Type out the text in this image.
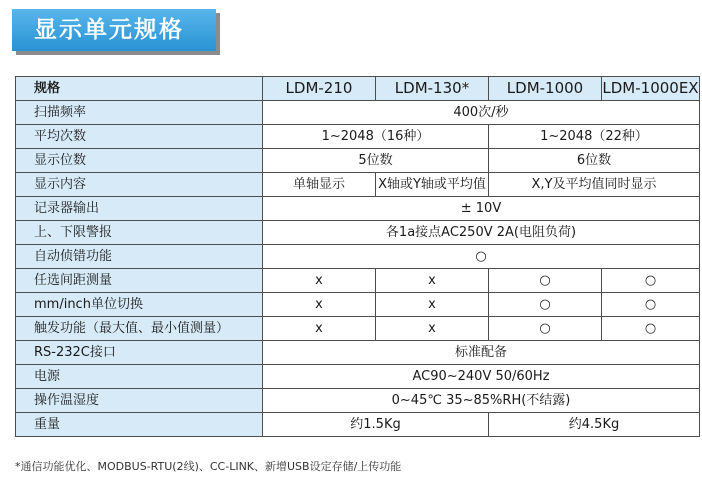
显示单元规格
规格	LDM-210	LDM-130*	LDM-1000	LDM-1000EX
扫描频率	400次/秒			
平均次数	1~2048（16种）		1~2048（22种）	
显示位数	5位数		6位数	
显示内容	单轴显示	X轴或Y轴或平均值	X,Y及平均值同时显示	
记录器输出	± 10V			
上、下限警报	各1a接点AC250V 2A(电阻负荷)			
自动侦错功能	○			
任选间距测量	x	x	○	○
mm/inch单位切换	x	x	○	○
触发功能（最大值、最小值测量）	x	x	○	○
RS-232C接口	标准配备			
电源	AC90~240V 50/60Hz			
操作温湿度	0~45℃ 35~85%RH(不结露)			
重量	约1.5Kg		约4.5Kg	
*通信功能优化、MODBUS-RTU(2线)、CC-LINK、新增USB设定存储/上传功能
